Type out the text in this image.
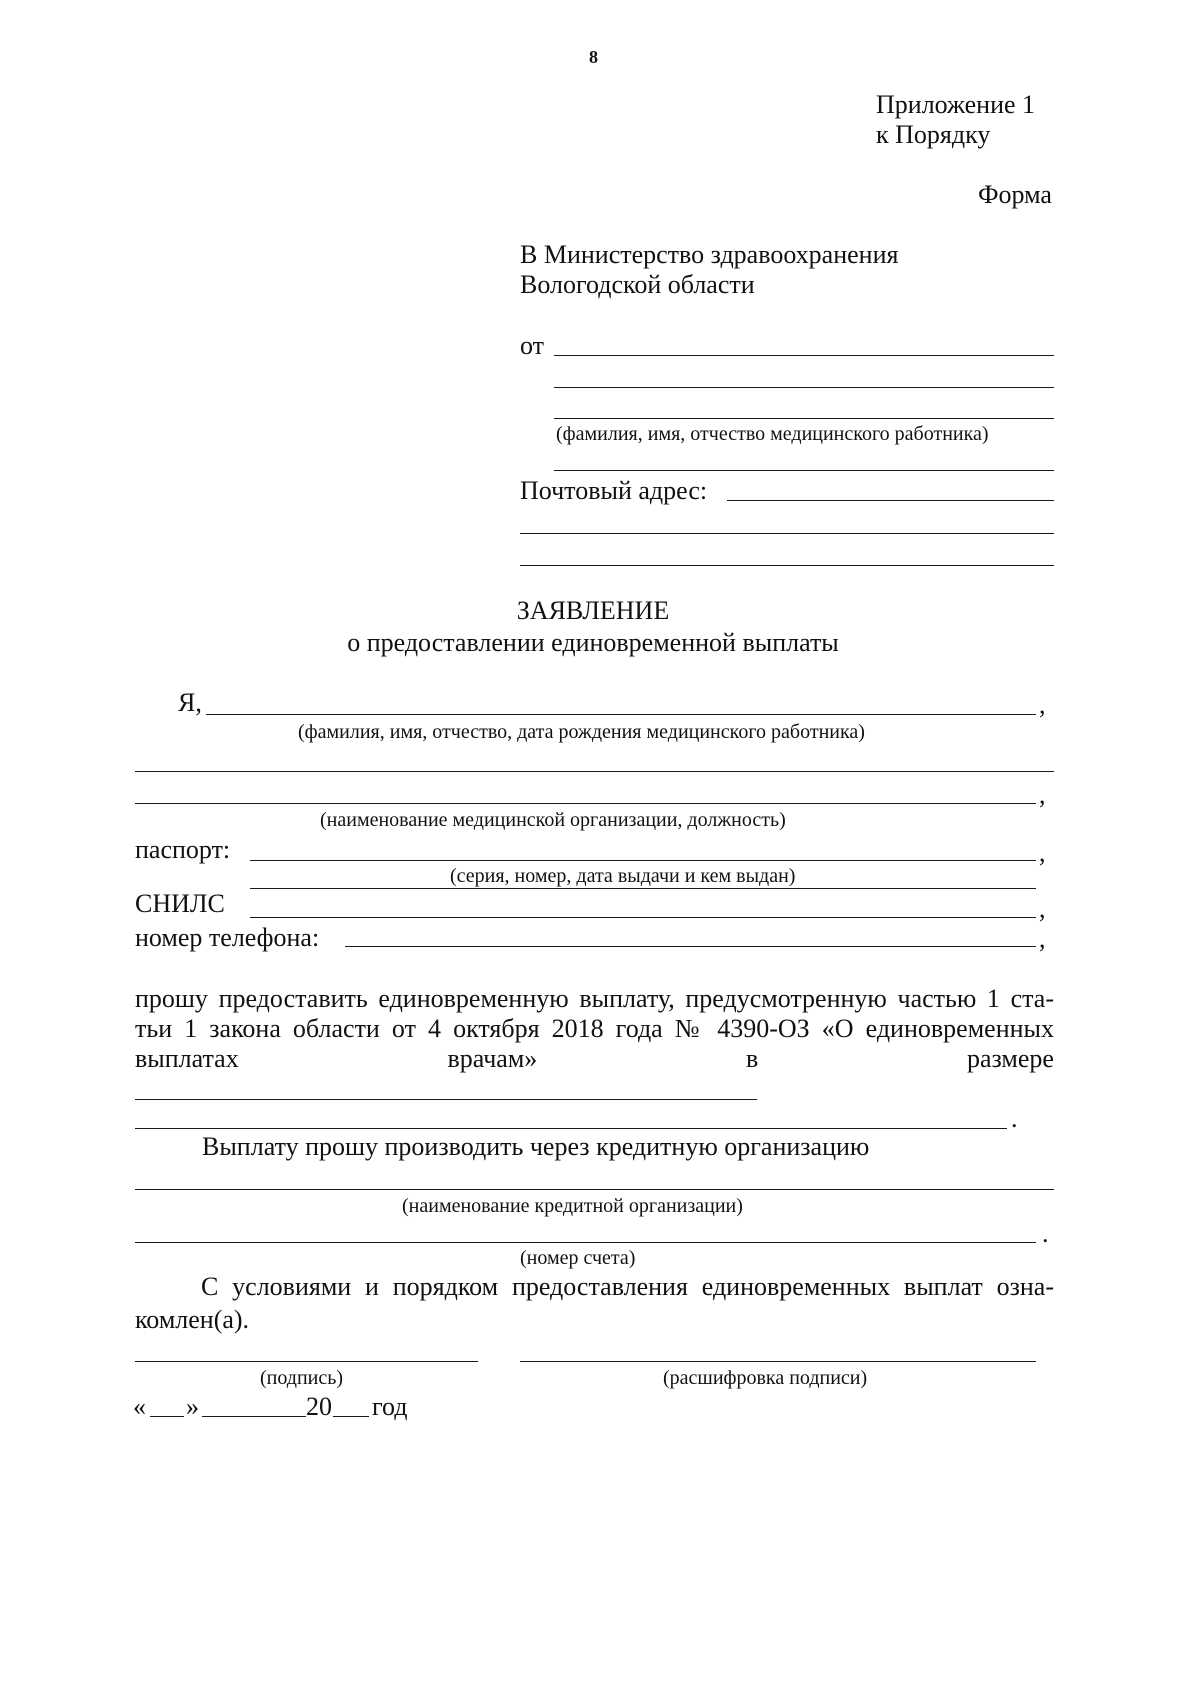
8
Приложение 1
к Порядку
Форма
В Министерство здравоохранения
Вологодской области
от
(фамилия, имя, отчество медицинского работника)
Почтовый адрес:
ЗАЯВЛЕНИЕ
о предоставлении единовременной выплаты
Я,	,
(фамилия, имя, отчество, дата рождения медицинского работника)
,
(наименование медицинской организации, должность)
паспорт:	,
(серия, номер, дата выдачи и кем выдан)
СНИЛС	,
номер телефона:	,
прошу предоставить единовременную выплату, предусмотренную частью 1 ста-
тьи 1 закона области от 4 октября 2018 года № 4390-ОЗ «О единовременных
выплатах	врачам»	в	размере
.
Выплату прошу производить через кредитную организацию
(наименование кредитной организации)
.
(номер счета)
С условиями и порядком предоставления единовременных выплат озна-
комлен(а).
(подпись)	(расшифровка подписи)
« »	20 год
